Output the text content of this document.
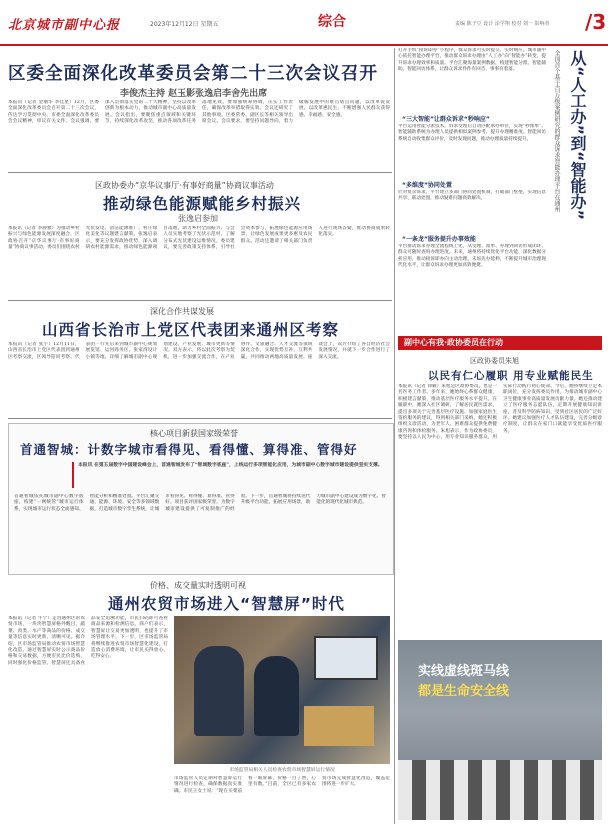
北京城市副中心报	2023年12月12日 星期五	综合	责编 陈子豆 设计 涂学翔 校对 刘一 影响者 /3
区委全面深化改革委员会第二十三次会议召开
李俊杰主持 赵玉影张逸启李舍先出席
本报讯（记者 金丽华 李佳星）12月，区委全面深化改革委员会召开第二十三次会议，传达学习贯彻中央、市委全面深化改革委员会会议精神，审议有关文件。会议强调，要深入贯彻落实党的二十大精神，坚持以改革创新为根本动力，推动城市副中心高质量发展。会议指出，要聚焦重点领域和关键环节，持续深化改革攻坚，推动各项改革任务落地见效。要加强统筹协调，压实工作责任，确保改革举措取得实效。会议还研究了其他事项。区委常委、副区长等相关领导出席会议。会议要求，要坚持问题导向，着力破解发展中的难点堵点问题，以改革促发展、以改革惠民生，不断增强人民群众获得感、幸福感、安全感。
区政协委办“京华议事厅·有事好商量”协商议事活动
推动绿色能源赋能乡村振兴
张逸启参加
本报讯（记者 李静雅）为推动乡村振兴与绿色能源发展深度融合，区政协召开“京华议事厅·有事好商量”协商议事活动。委员们围绕农村光伏发电、清洁能源推广、村庄绿化美化等议题建言献策。张逸启表示，要充分发挥政协优势，深入调研农村能源需求，推动绿色能源项目落地，助力乡村全面振兴。与会人员实地考察了光伏示范村，了解分布式光伏建设运维情况。委员建议，要完善政策支持体系，引导社会资本参与，拓展绿色能源应用场景，让绿色发展成果更多惠及农民群众。活动还邀请了相关部门负责人进行现场答疑，推动协商成果转化落实。
深化合作共谋发展
山西省长治市上党区代表团来通州区考察
本报讯（记者 张宇）12月11日，山西省长治市上党区代表团到通州区考察交流，区领导陪同考察。代表团一行先后来到城市副中心规划展览馆、运河商务区、张家湾设计小镇等地，详细了解城市副中心规划建设、产业发展、城市更新等情况。双方表示，将以此次考察为契机，进一步加强交流合作，在产业协作、文旅融合、人才交流等领域深化合作，实现优势互补、互利共赢，共同推动两地高质量发展。座谈会上，双方介绍了各自经济社会发展情况，并就下一步合作进行了深入交流。
核心项目新获国家级荣誉
首通智城：计数字城市看得见、看得懂、算得准、管得好
本报讯 在第五届数字中国建设峰会上，首通智城发布了“智城数字底座”，上线运行多项智能化应用，为城市副中心数字城市建设提供坚实支撑。
首通智城依托城市副中心数字底座，构建“一网统管”城市运行体系，实现城市运行状态全面感知、智能分析和精准处置。平台汇聚交通、能源、环境、安全等多领域数据，打造城市数字孪生系统，让城市看得见、看得懂、算得准、管得好。项目获评国家级荣誉，为数字城市建设提供了可复制推广的经验。下一步，首通智城将持续迭代升级平台功能，拓展应用场景，助力城市副中心建设成为数字化、智能化的现代化城市典范。
价格、成交量实时透明可视
通州农贸市场进入“智慧屏”时代
本报讯（记者 牛宁）走进通州区的农贸市场，一块块智慧屏格外醒目，蔬菜、肉类、水产等商品的价格、成交量等信息实时更新，清晰可见。据介绍，区市场监管局推动农贸市场智慧化改造，通过智慧屏实时公示商品价格和交易数据，方便市民比价选购，同时强化价格监管。智慧屏还具备食品安全追溯功能，市民扫码即可查看商品来源和检测信息。商户们表示，智慧屏让交易更加透明，也提升了市场管理水平。下一步，区市场监管局将继续推进农贸市场智慧化建设，打造放心消费环境，让市民买得放心、吃得安心。
市场监管局相关人员检查农贸市场智慧屏运行情况
市场监管人员定期对智慧屏运行情况进行检查，确保数据真实准确。市民王女士说：“现在买菜前看一眼屏幕，价格一目了然，心里有数。”目前，全区已有多家农贸市场完成智慧化改造，覆盖范围将进一步扩大。
打开手机“接诉即办”小程序，群众诉求可实时提交、实时响应。城市副中心依托智能办理平台，推动群众诉求办理由“人工办”向“智能办”转变，提升诉求办理效率和质量。平台汇聚海量案例数据，构建智能分派、智能辅助、智能回访体系，让群众诉求件件有回音、事事有着落。	从“人工办”到“智能办”
全国首个基于百万级案例研究的群众诉求智能办理平台在通州
“三大智能”让群众诉求“秒响应”
平台运用智能分派技术，诉求受理后自动匹配承办单位，实现“秒派单”。智能辅助系统为办理人员提供相似案例参考，提升办理精准度。智能回访系统自动收集群众评价，及时发现问题，推动办理质量持续提升。
“多维度”协同处置
针对复杂诉求，平台建立多部门协同处置机制，打破部门壁垒，实现信息共享、联动处置，推动疑难问题高效解决。
“一条龙”服务提升办事效能
平台推动诉求办理全流程线上化，从受理、派单、办理到回访形成闭环，群众可随时查询办理进度。未来，通州将持续优化平台功能，深化数据分析应用，推动接诉即办向主动治理、未诉先办延伸，不断提升城市治理现代化水平，让群众诉求办理更加高效便捷。
副中心有我·政协委员在行动
区政协委员朱旭
以民有仁心履职 用专业赋能民生
本报讯（记者 徐颖）朱旭是区政协委员，也是一名医务工作者。多年来，她始终心系群众健康，积极建言献策，推动基层医疗服务水平提升。在履职中，她深入社区调研，了解居民就医需求，提出多项关于完善基层医疗设施、加强家庭医生签约服务的建议，得到相关部门采纳。她还积极组织义诊活动，为老年人、困难群众提供免费健康咨询和体检服务。朱旭表示，作为政协委员，要坚持以人民为中心，用专业知识服务群众，用实际行动践行初心使命。今后，她将继续立足本职岗位，充分发挥委员作用，为推动城市副中心卫生健康事业高质量发展贡献力量。她还推动建立了医疗服务志愿队伍，定期开展健康知识讲座，普及科学防病知识，受到社区居民的广泛好评。她建议加强医疗人才队伍建设，完善分级诊疗制度，让群众在家门口就能享受优质医疗服务。
实线虚线斑马线
都是生命安全线
